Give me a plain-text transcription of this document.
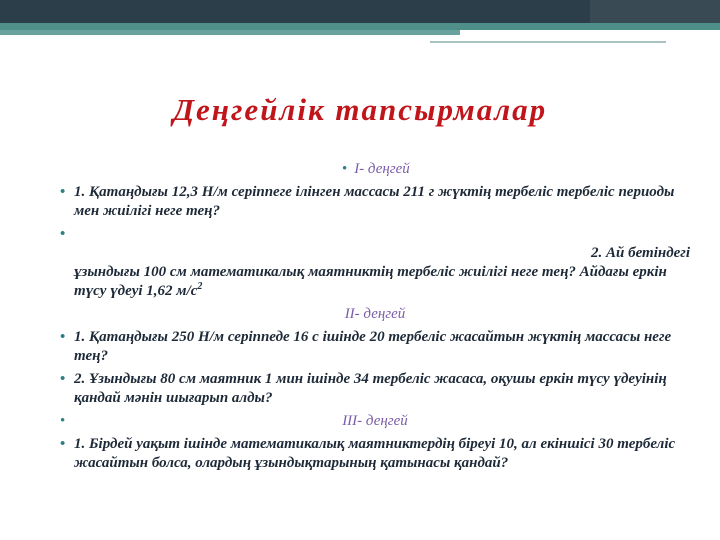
Деңгейлік тапсырмалар
• І- деңгей
• 1. Қатаңдығы 12,3 Н/м серіппеге ілінген массасы 211 г жүктің тербеліс тербеліс периоды мен жиілігі неге тең?
•
2. Ай бетіндегі
ұзындығы 100 см математикалық маятниктің тербеліс жиілігі неге тең? Айдағы еркін түсу үдеуі 1,62 $м/с^2$
ІІ- деңгей
• 1. Қатаңдығы 250 Н/м серіппеде 16 с ішінде 20 тербеліс жасайтын жүктің массасы неге тең?
• 2. Ұзындығы 80 см маятник 1 мин ішінде 34 тербеліс жасаса, оқушы еркін түсу үдеуінің қандай мәнін шығарып алды?
•	ІІІ- деңгей
• 1. Бірдей уақыт ішінде математикалық маятниктердің біреуі 10, ал екіншісі 30 тербеліс жасайтын болса, олардың ұзындықтарының қатынасы қандай?
